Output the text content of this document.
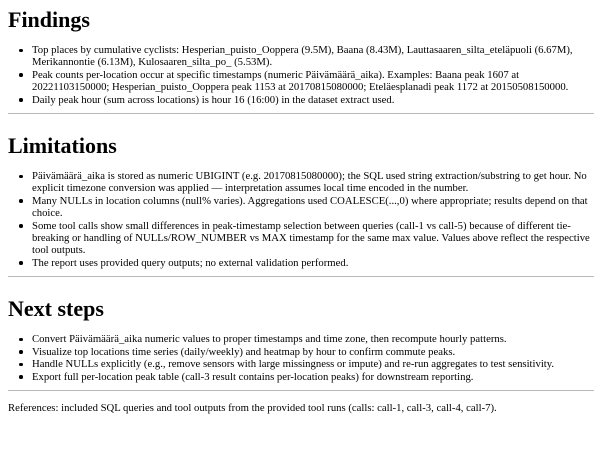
Findings
Top places by cumulative cyclists: Hesperian_puisto_Ooppera (9.5M), Baana (8.43M), Lauttasaaren_silta_eteläpuoli (6.67M), Merikannontie (6.13M), Kulosaaren_silta_po_ (5.53M).
Peak counts per-location occur at specific timestamps (numeric Päivämäärä_aika). Examples: Baana peak 1607 at 20221103150000; Hesperian_puisto_Ooppera peak 1153 at 20170815080000; Eteläesplanadi peak 1172 at 20150508150000.
Daily peak hour (sum across locations) is hour 16 (16:00) in the dataset extract used.
Limitations
Päivämäärä_aika is stored as numeric UBIGINT (e.g. 20170815080000); the SQL used string extraction/substring to get hour. No explicit timezone conversion was applied — interpretation assumes local time encoded in the number.
Many NULLs in location columns (null% varies). Aggregations used COALESCE(...,0) where appropriate; results depend on that choice.
Some tool calls show small differences in peak-timestamp selection between queries (call-1 vs call-5) because of different tie-breaking or handling of NULLs/ROW_NUMBER vs MAX timestamp for the same max value. Values above reflect the respective tool outputs.
The report uses provided query outputs; no external validation performed.
Next steps
Convert Päivämäärä_aika numeric values to proper timestamps and time zone, then recompute hourly patterns.
Visualize top locations time series (daily/weekly) and heatmap by hour to confirm commute peaks.
Handle NULLs explicitly (e.g., remove sensors with large missingness or impute) and re-run aggregates to test sensitivity.
Export full per-location peak table (call-3 result contains per-location peaks) for downstream reporting.

References: included SQL queries and tool outputs from the provided tool runs (calls: call-1, call-3, call-4, call-7).
